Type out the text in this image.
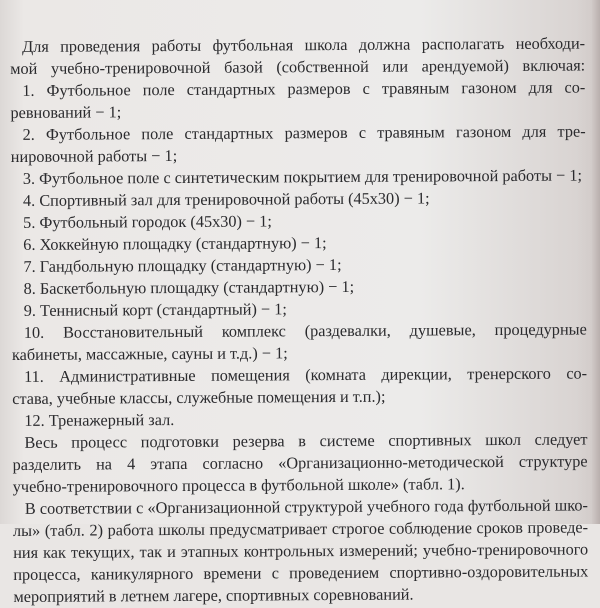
Для проведения работы футбольная школа должна располагать необходи-
мой учебно-тренировочной базой (собственной или арендуемой) включая:
1. Футбольное поле стандартных размеров с травяным газоном для со-
ревнований − 1;
2. Футбольное поле стандартных размеров с травяным газоном для тре-
нировочной работы − 1;
3. Футбольное поле с синтетическим покрытием для тренировочной работы − 1;
4. Спортивный зал для тренировочной работы (45х30) − 1;
5. Футбольный городок (45х30) − 1;
6. Хоккейную площадку (стандартную) − 1;
7. Гандбольную площадку (стандартную) − 1;
8. Баскетбольную площадку (стандартную) − 1;
9. Теннисный корт (стандартный) − 1;
10. Восстановительный комплекс (раздевалки, душевые, процедурные
кабинеты, массажные, сауны и т.д.) − 1;
11. Административные помещения (комната дирекции, тренерского со-
става, учебные классы, служебные помещения и т.п.);
12. Тренажерный зал.
Весь процесс подготовки резерва в системе спортивных школ следует
разделить на 4 этапа согласно «Организационно-методической структуре
учебно-тренировочного процесса в футбольной школе» (табл. 1).
В соответствии с «Организационной структурой учебного года футбольной шко-
лы» (табл. 2) работа школы предусматривает строгое соблюдение сроков проведе-
ния как текущих, так и этапных контрольных измерений; учебно-тренировочного
процесса, каникулярного времени с проведением спортивно-оздоровительных
мероприятий в летнем лагере, спортивных соревнований.
